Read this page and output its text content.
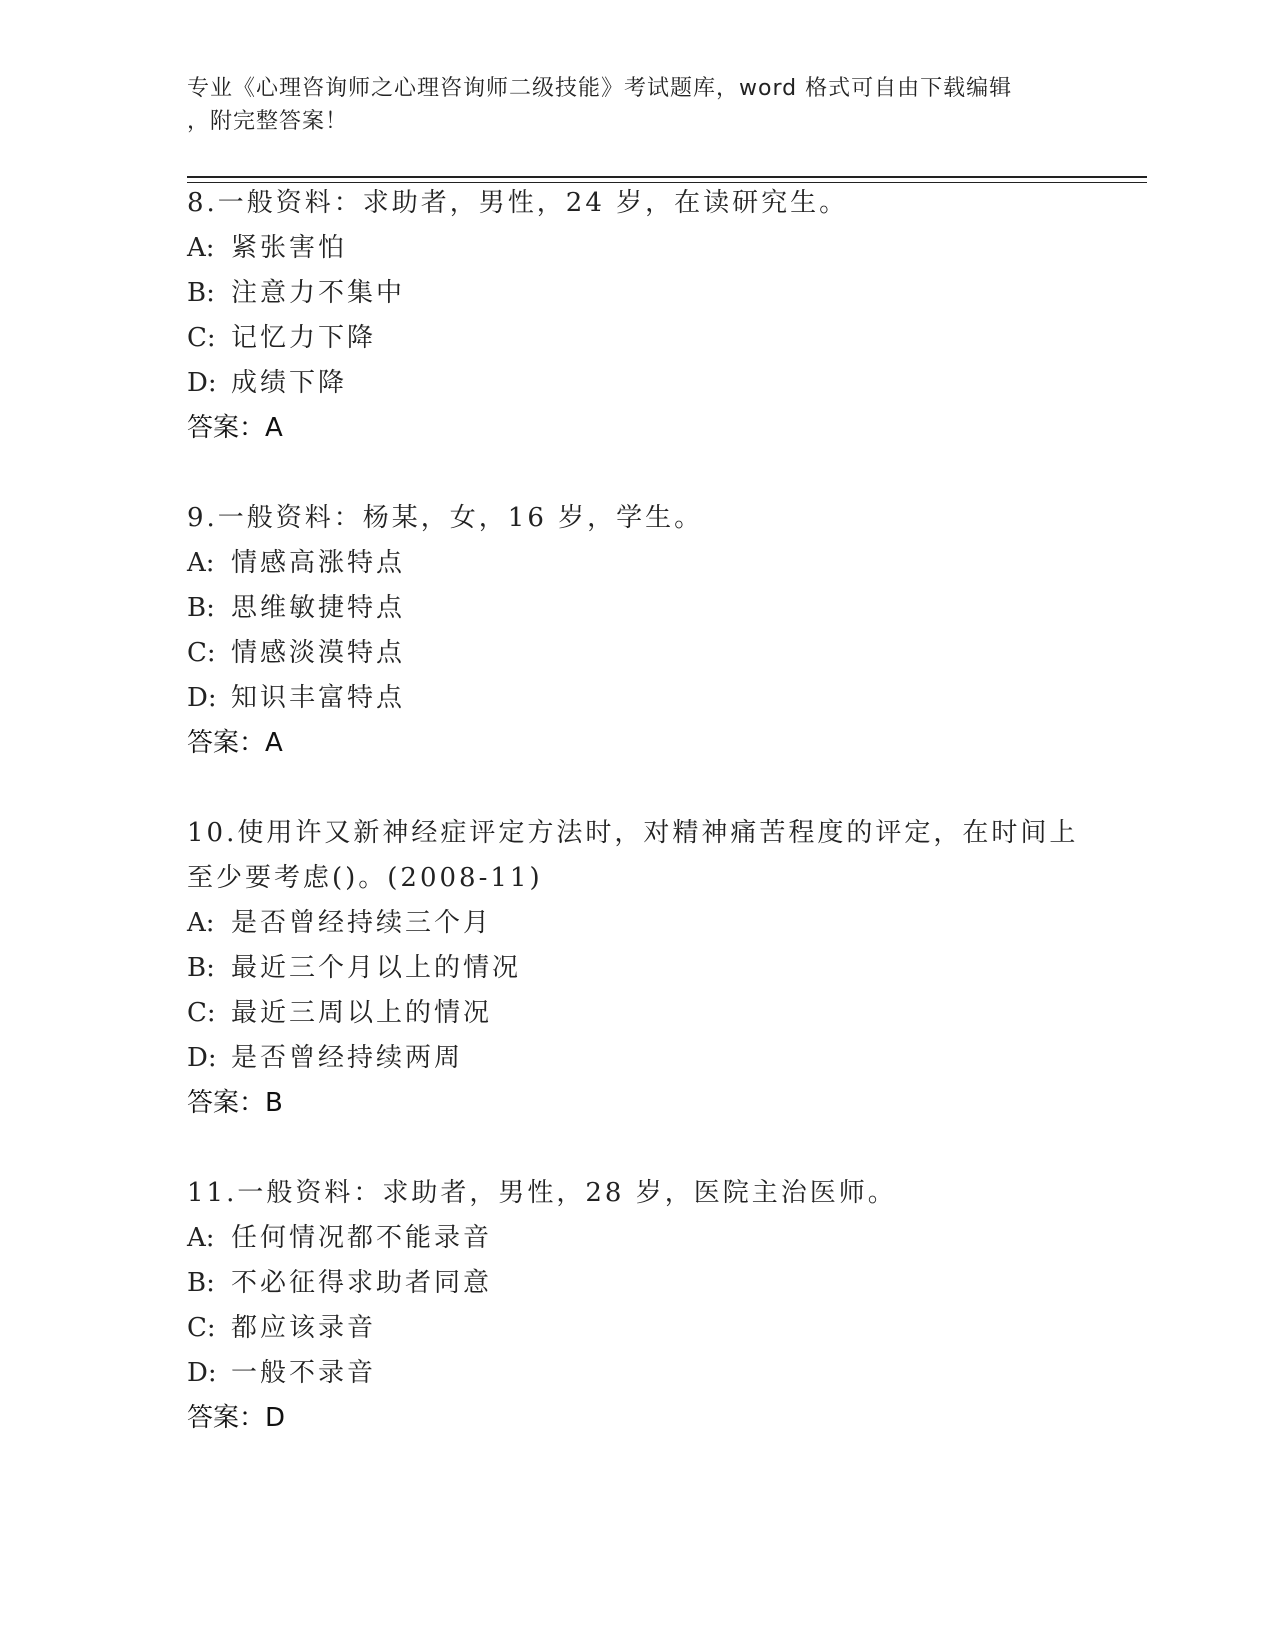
专业《心理咨询师之心理咨询师二级技能》考试题库，word 格式可自由下载编辑
，附完整答案！

8.一般资料：求助者，男性，24 岁，在读研究生。

A: 紧张害怕

B: 注意力不集中

C: 记忆力下降

D: 成绩下降

答案：A

9.一般资料：杨某，女，16 岁，学生。

A: 情感高涨特点

B: 思维敏捷特点

C: 情感淡漠特点

D: 知识丰富特点

答案：A

10.使用许又新神经症评定方法时，对精神痛苦程度的评定，在时间上

至少要考虑()。(2008-11)

A: 是否曾经持续三个月

B: 最近三个月以上的情况

C: 最近三周以上的情况

D: 是否曾经持续两周

答案：B

11.一般资料：求助者，男性，28 岁，医院主治医师。

A: 任何情况都不能录音

B: 不必征得求助者同意

C: 都应该录音

D: 一般不录音

答案：D
